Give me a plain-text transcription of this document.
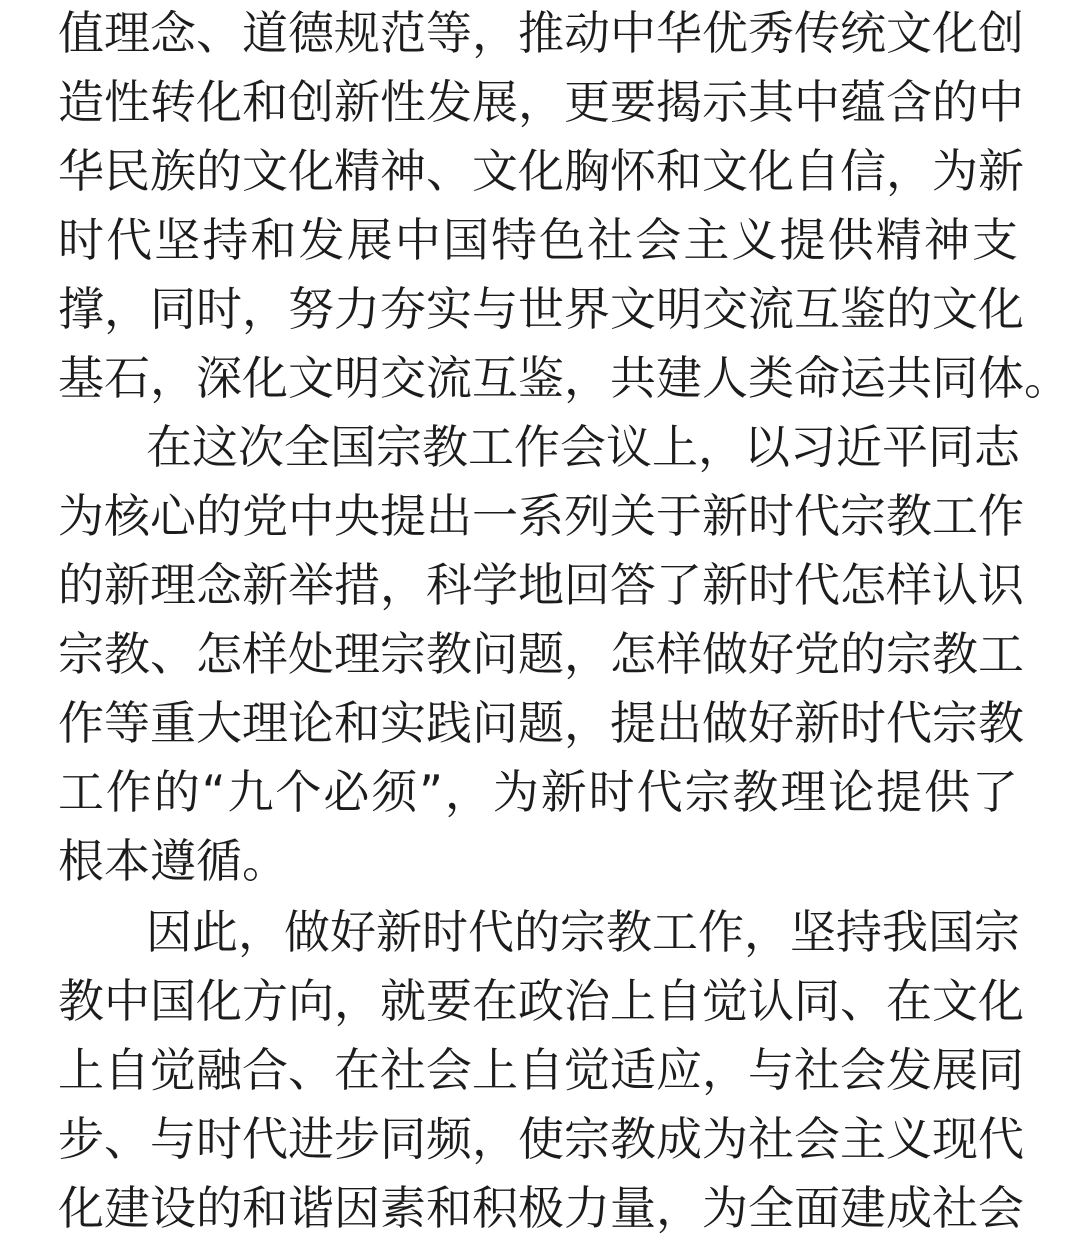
值理念、道德规范等，推动中华优秀传统文化创
造性转化和创新性发展，更要揭示其中蕴含的中
华民族的文化精神、文化胸怀和文化自信，为新
时代坚持和发展中国特色社会主义提供精神支
撑，同时，努力夯实与世界文明交流互鉴的文化
基石，深化文明交流互鉴，共建人类命运共同体。
在这次全国宗教工作会议上，以习近平同志
为核心的党中央提出一系列关于新时代宗教工作
的新理念新举措，科学地回答了新时代怎样认识
宗教、怎样处理宗教问题，怎样做好党的宗教工
作等重大理论和实践问题，提出做好新时代宗教
工作的“九个必须”，为新时代宗教理论提供了
根本遵循。
因此，做好新时代的宗教工作，坚持我国宗
教中国化方向，就要在政治上自觉认同、在文化
上自觉融合、在社会上自觉适应，与社会发展同
步、与时代进步同频，使宗教成为社会主义现代
化建设的和谐因素和积极力量，为全面建成社会
